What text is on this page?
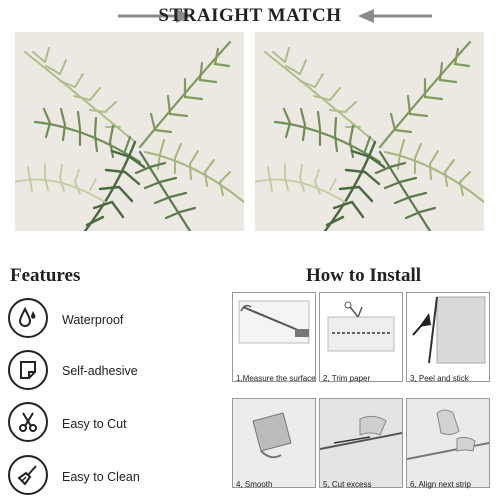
STRAIGHT MATCH
Features
Waterproof
Self-adhesive
Easy to Cut
Easy to Clean
How to Install
1,Measure the surface 2, Trim paper	3, Peel and stick
4, Smooth	5, Cut excess	6, Align next strip
